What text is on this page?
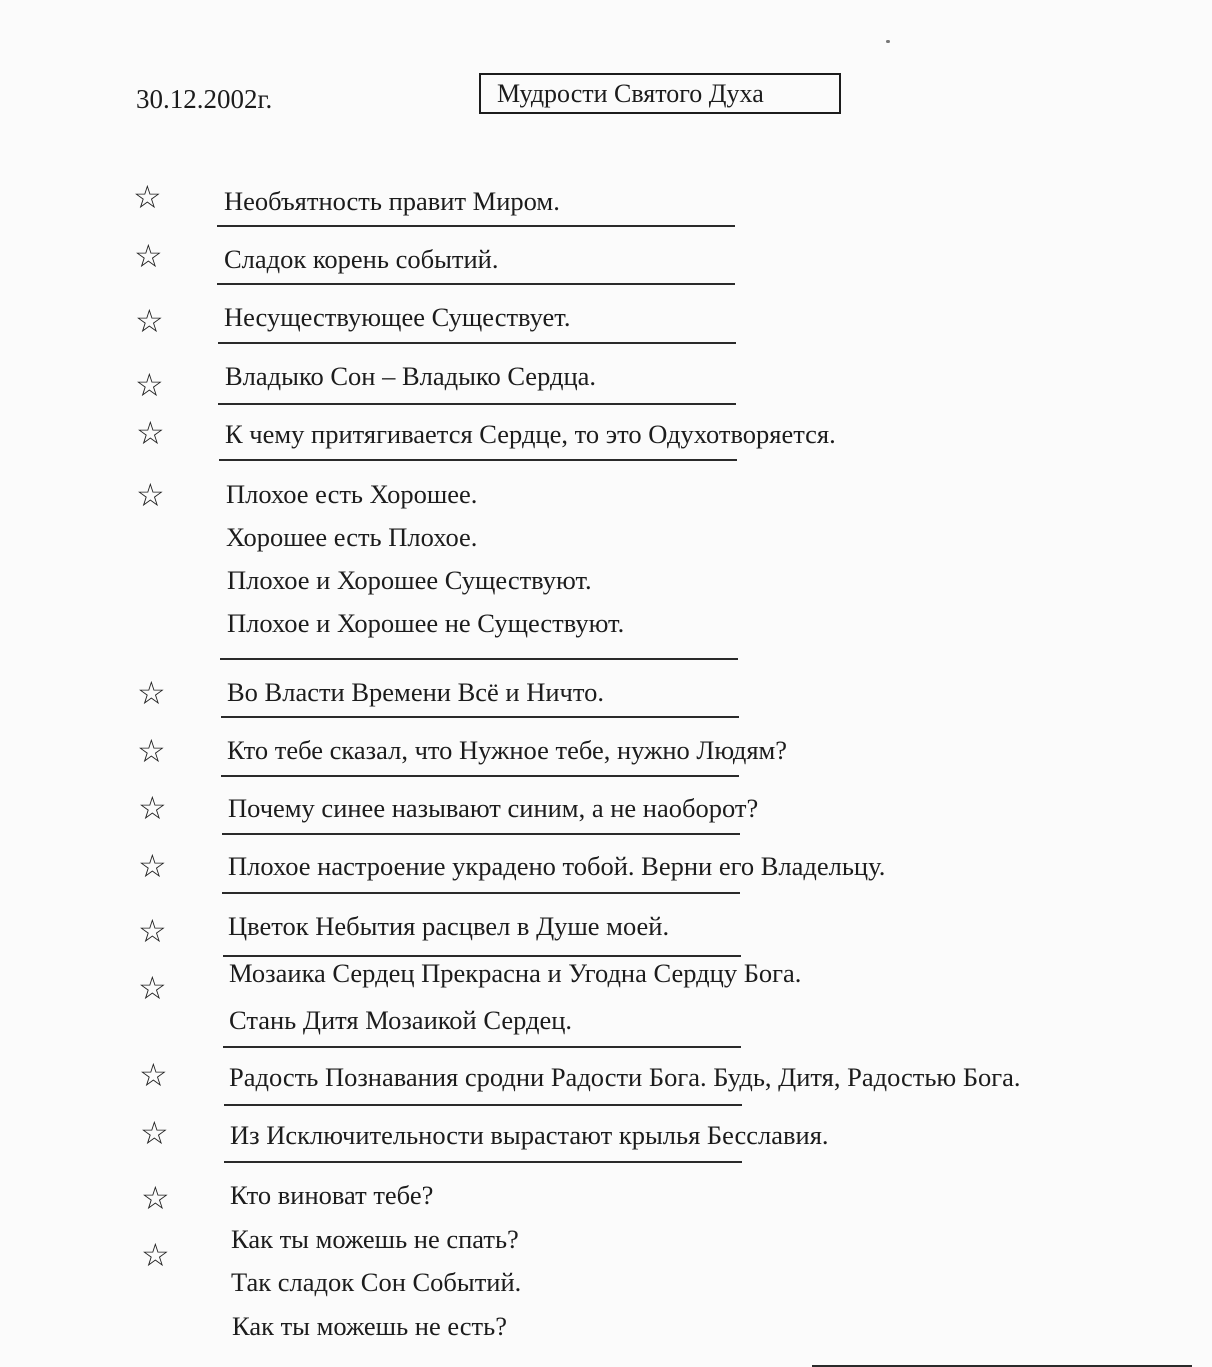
30.12.2002г.	Мудрости Святого Духа
☆ Необъятность правит Миром.
☆ Сладок корень событий.
☆ Несуществующее Существует.
☆ Владыко Сон – Владыко Сердца.
☆ К чему притягивается Сердце, то это Одухотворяется.
☆ Плохое есть Хорошее.
Хорошее есть Плохое.
Плохое и Хорошее Существуют.
Плохое и Хорошее не Существуют.
☆ Во Власти Времени Всё и Ничто.
☆ Кто тебе сказал, что Нужное тебе, нужно Людям?
☆ Почему синее называют синим, а не наоборот?
☆ Плохое настроение украдено тобой. Верни его Владельцу.
☆ Цветок Небытия расцвел в Душе моей.
☆ Мозаика Сердец Прекрасна и Угодна Сердцу Бога.
Стань Дитя Мозаикой Сердец.
☆ Радость Познавания сродни Радости Бога. Будь, Дитя, Радостью Бога.
☆ Из Исключительности вырастают крылья Бесславия.
☆
☆
Кто виноват тебе?
Как ты можешь не спать?
Так сладок Сон Событий.
Как ты можешь не есть?
